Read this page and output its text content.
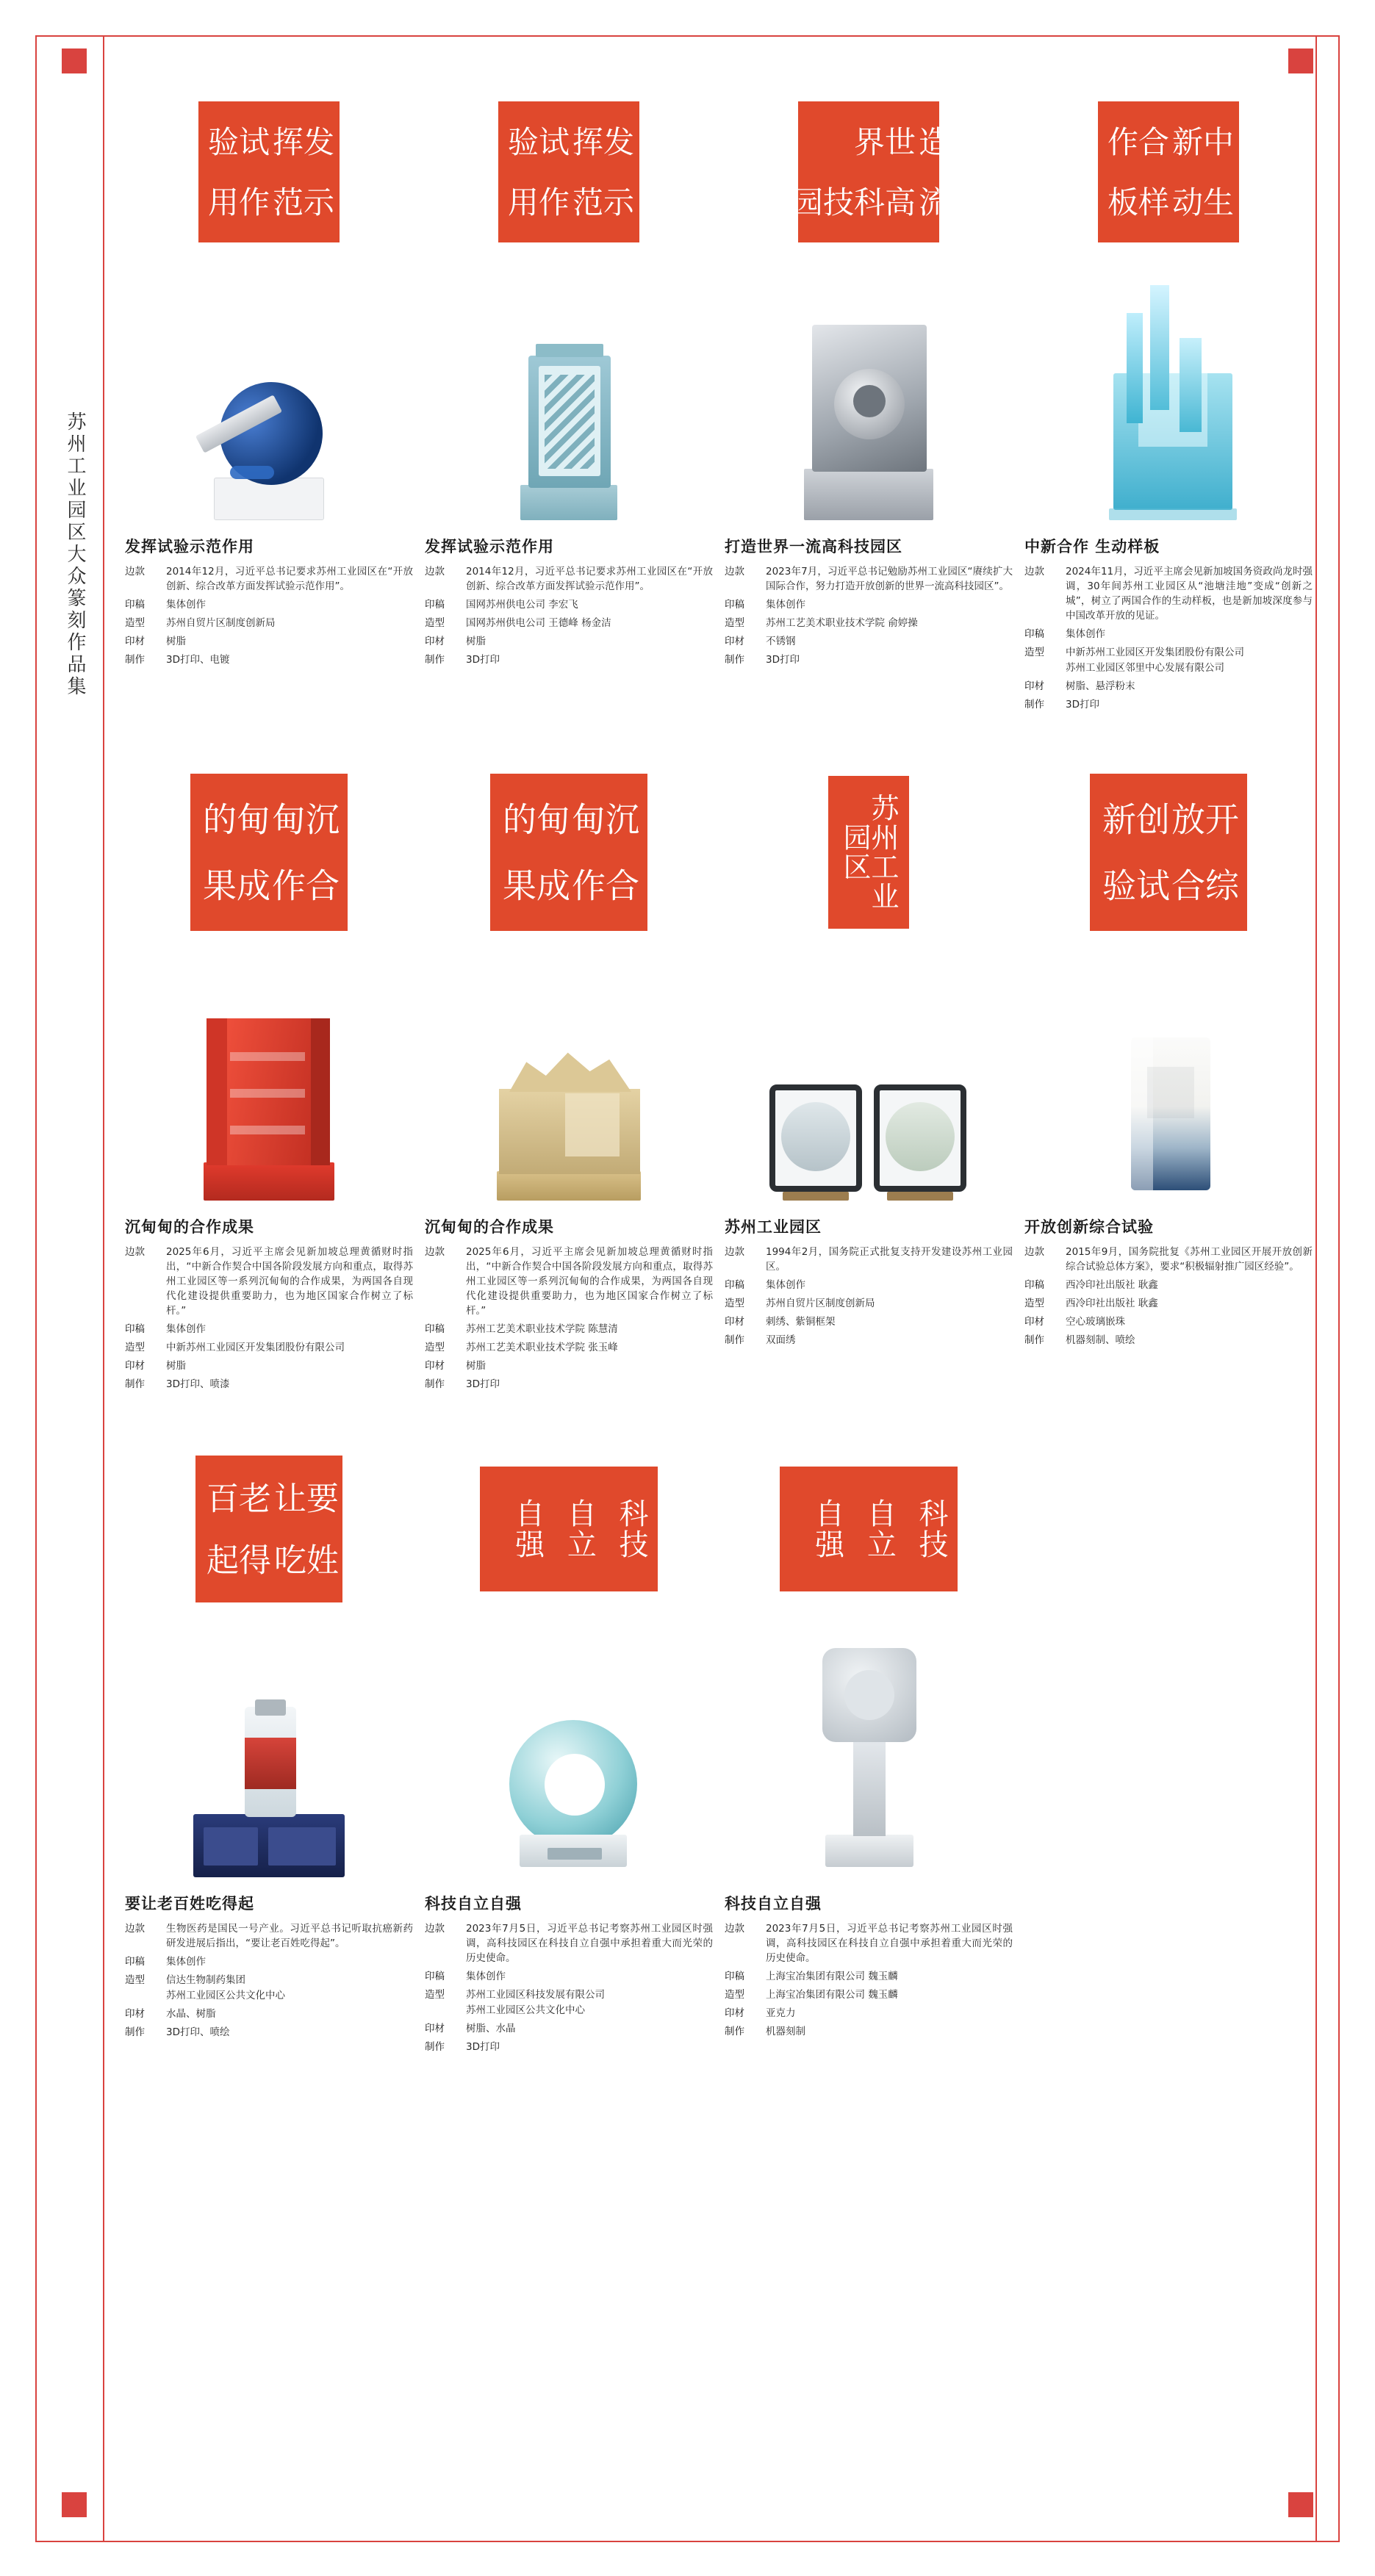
苏州工业园区大众篆刻作品集
发挥
试验
示范
作用
发挥试验示范作用
边款	2014年12月，习近平总书记要求苏州工业园区在“开放创新、综合改革方面发挥试验示范作用”。
印稿	集体创作
造型	苏州自贸片区制度创新局
印材	树脂
制作	3D打印、电镀
发挥
试验
示范
作用
发挥试验示范作用
边款	2014年12月，习近平总书记要求苏州工业园区在“开放创新、综合改革方面发挥试验示范作用”。
印稿	国网苏州供电公司 李宏飞
造型	国网苏州供电公司 王德峰 杨金洁
印材	树脂
制作	3D打印
打造
世界
一流
高科技园区
打造世界一流高科技园区
边款	2023年7月，习近平总书记勉励苏州工业园区“赓续扩大国际合作，努力打造开放创新的世界一流高科技园区”。
印稿	集体创作
造型	苏州工艺美术职业技术学院 俞婷操
印材	不锈钢
制作	3D打印
中新
合作
生动
样板
中新合作 生动样板
边款	2024年11月，习近平主席会见新加坡国务资政尚龙时强调，30年间苏州工业园区从“池塘洼地”变成“创新之城”，树立了两国合作的生动样板，也是新加坡深度参与中国改革开放的见证。
印稿	集体创作
造型	中新苏州工业园区开发集团股份有限公司
苏州工业园区邻里中心发展有限公司
印材	树脂、悬浮粉末
制作	3D打印
沉甸
甸的
合作
成果
沉甸甸的合作成果
边款	2025年6月，习近平主席会见新加坡总理黄循财时指出，“中新合作契合中国各阶段发展方向和重点，取得苏州工业园区等一系列沉甸甸的合作成果，为两国各自现代化建设提供重要助力，也为地区国家合作树立了标杆。”
印稿	集体创作
造型	中新苏州工业园区开发集团股份有限公司
印材	树脂
制作	3D打印、喷漆
沉甸
甸的
合作
成果
沉甸甸的合作成果
边款	2025年6月，习近平主席会见新加坡总理黄循财时指出，“中新合作契合中国各阶段发展方向和重点，取得苏州工业园区等一系列沉甸甸的合作成果，为两国各自现代化建设提供重要助力，也为地区国家合作树立了标杆。”
印稿	苏州工艺美术职业技术学院 陈慧清
造型	苏州工艺美术职业技术学院 张玉峰
印材	树脂
制作	3D打印
苏州工业园区
苏州工业园区
边款	1994年2月，国务院正式批复支持开发建设苏州工业园区。
印稿	集体创作
造型	苏州自贸片区制度创新局
印材	刺绣、紫铜框架
制作	双面绣
开放
创新
综合
试验
开放创新综合试验
边款	2015年9月，国务院批复《苏州工业园区开展开放创新综合试验总体方案》，要求“积极辐射推广园区经验”。
印稿	西冷印社出版社 耿鑫
造型	西冷印社出版社 耿鑫
印材	空心玻璃嵌珠
制作	机器刻制、喷绘
要让
老百
姓吃
得起
要让老百姓吃得起
边款	生物医药是国民一号产业。习近平总书记听取抗癌新药研发进展后指出，“要让老百姓吃得起”。
印稿	集体创作
造型	信达生物制药集团
苏州工业园区公共文化中心
印材	水晶、树脂
制作	3D打印、喷绘
科技
自立
自强
科技自立自强
边款	2023年7月5日，习近平总书记考察苏州工业园区时强调，高科技园区在科技自立自强中承担着重大而光荣的历史使命。
印稿	集体创作
造型	苏州工业园区科技发展有限公司
苏州工业园区公共文化中心
印材	树脂、水晶
制作	3D打印
科技
自立
自强
科技自立自强
边款	2023年7月5日，习近平总书记考察苏州工业园区时强调，高科技园区在科技自立自强中承担着重大而光荣的历史使命。
印稿	上海宝冶集团有限公司 魏玉麟
造型	上海宝冶集团有限公司 魏玉麟
印材	亚克力
制作	机器刻制
